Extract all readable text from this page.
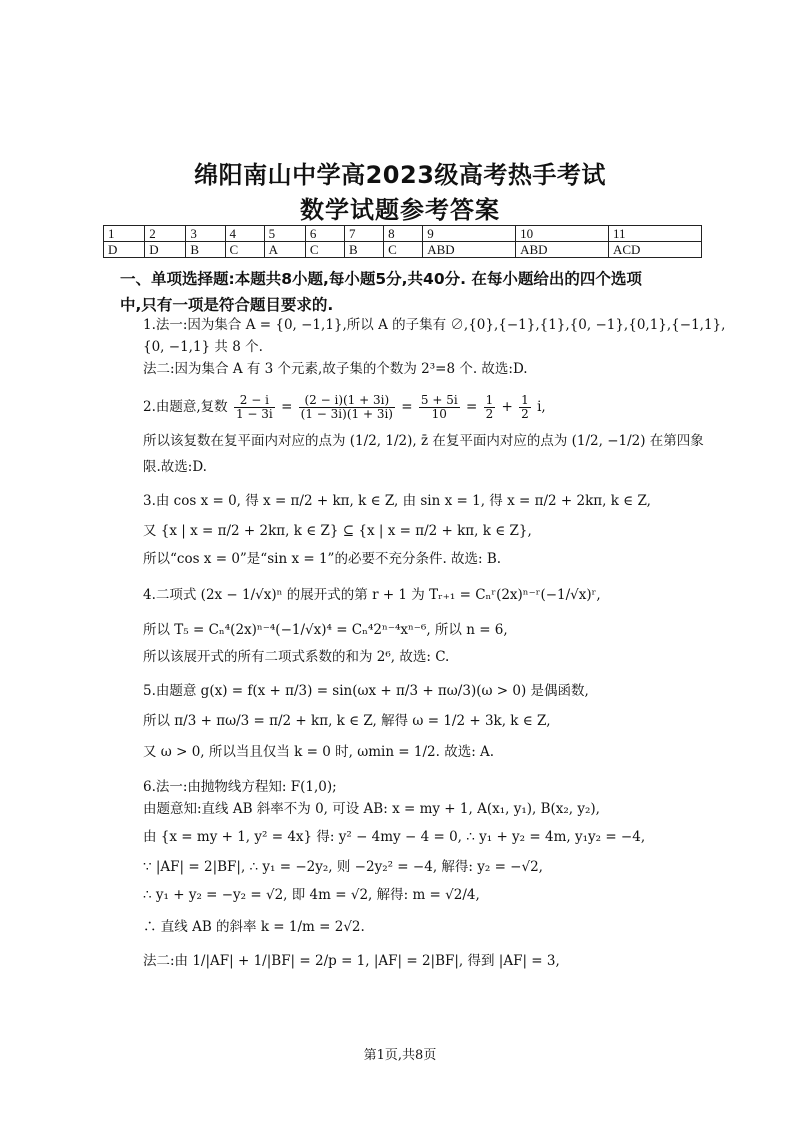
绵阳南山中学高2023级高考热手考试
数学试题参考答案
1	2	3	4	5	6	7	8	9	10	11
D	D	B	C	A	C	B	C	ABD	ABD	ACD
一、单项选择题:本题共8小题,每小题5分,共40分. 在每小题给出的四个选项
中,只有一项是符合题目要求的.
1.法一:因为集合 A = {0, −1,1},所以 A 的子集有 ∅,{0},{−1},{1},{0, −1},{0,1},{−1,1},
{0, −1,1} 共 8 个.
法二:因为集合 A 有 3 个元素,故子集的个数为 2³=8 个. 故选:D.
2.由题意,复数 $\frac{2 - i}{1 - 3i} = \frac{(2 - i)(1 + 3i)}{(1 - 3i)(1 + 3i)} = \frac{5 + 5i}{10} = \frac{1}{2} + \frac{1}{2} i$,
所以该复数在复平面内对应的点为 (1/2, 1/2), z̄ 在复平面内对应的点为 (1/2, −1/2) 在第四象
限.故选:D.
3.由 cos x = 0, 得 x = π/2 + kπ, k ∈ Z, 由 sin x = 1, 得 x = π/2 + 2kπ, k ∈ Z,
又 {x | x = π/2 + 2kπ, k ∈ Z} ⊆ {x | x = π/2 + kπ, k ∈ Z},
所以“cos x = 0”是“sin x = 1”的必要不充分条件. 故选: B.
4.二项式 (2x − 1/√x)ⁿ 的展开式的第 r + 1 为 Tᵣ₊₁ = Cₙʳ(2x)ⁿ⁻ʳ(−1/√x)ʳ,
所以 T₅ = Cₙ⁴(2x)ⁿ⁻⁴(−1/√x)⁴ = Cₙ⁴2ⁿ⁻⁴xⁿ⁻⁶, 所以 n = 6,
所以该展开式的所有二项式系数的和为 2⁶, 故选: C.
5.由题意 g(x) = f(x + π/3) = sin(ωx + π/3 + πω/3)(ω > 0) 是偶函数,
所以 π/3 + πω/3 = π/2 + kπ, k ∈ Z, 解得 ω = 1/2 + 3k, k ∈ Z,
又 ω > 0, 所以当且仅当 k = 0 时, ωmin = 1/2. 故选: A.
6.法一:由抛物线方程知: F(1,0);
由题意知:直线 AB 斜率不为 0, 可设 AB: x = my + 1, A(x₁, y₁), B(x₂, y₂),
由 {x = my + 1, y² = 4x} 得: y² − 4my − 4 = 0, ∴ y₁ + y₂ = 4m, y₁y₂ = −4,
∵ |AF| = 2|BF|, ∴ y₁ = −2y₂, 则 −2y₂² = −4, 解得: y₂ = −√2,
∴ y₁ + y₂ = −y₂ = √2, 即 4m = √2, 解得: m = √2/4,
∴ 直线 AB 的斜率 k = 1/m = 2√2.
法二:由 1/|AF| + 1/|BF| = 2/p = 1, |AF| = 2|BF|, 得到 |AF| = 3,
第1页,共8页
